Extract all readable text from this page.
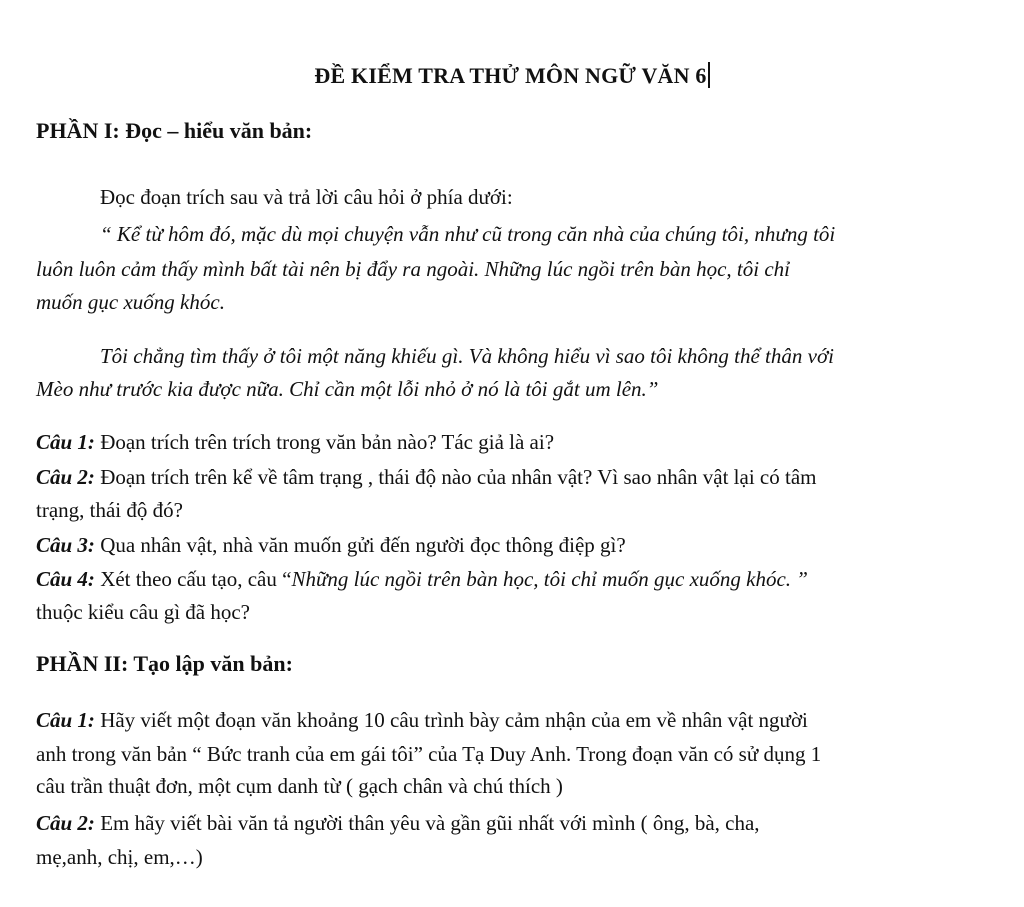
ĐỀ KIỂM TRA THỬ MÔN NGỮ VĂN 6
PHẦN I: Đọc – hiểu văn bản:
Đọc đoạn trích sau và trả lời câu hỏi ở phía dưới:
“ Kể từ hôm đó, mặc dù mọi chuyện vẫn như cũ trong căn nhà của chúng tôi, nhưng tôi
luôn luôn cảm thấy mình bất tài nên bị đẩy ra ngoài. Những lúc ngồi trên bàn học, tôi chỉ
muốn gục xuống khóc.
Tôi chẳng tìm thấy ở tôi một năng khiếu gì. Và không hiểu vì sao tôi không thể thân với
Mèo như trước kia được nữa. Chỉ cần một lỗi nhỏ ở nó là tôi gắt um lên.”
Câu 1: Đoạn trích trên trích trong văn bản nào? Tác giả là ai?
Câu 2: Đoạn trích trên kể về tâm trạng , thái độ nào của nhân vật? Vì sao nhân vật lại có tâm
trạng, thái độ đó?
Câu 3: Qua nhân vật, nhà văn muốn gửi đến người đọc thông điệp gì?
Câu 4: Xét theo cấu tạo, câu “Những lúc ngồi trên bàn học, tôi chỉ muốn gục xuống khóc. ”
thuộc kiểu câu gì đã học?
PHẦN II: Tạo lập văn bản:
Câu 1: Hãy viết một đoạn văn khoảng 10 câu trình bày cảm nhận của em về nhân vật người
anh trong văn bản “ Bức tranh của em gái tôi” của Tạ Duy Anh. Trong đoạn văn có sử dụng 1
câu trần thuật đơn, một cụm danh từ ( gạch chân và chú thích )
Câu 2: Em hãy viết bài văn tả người thân yêu và gần gũi nhất với mình ( ông, bà, cha,
mẹ,anh, chị, em,…)
